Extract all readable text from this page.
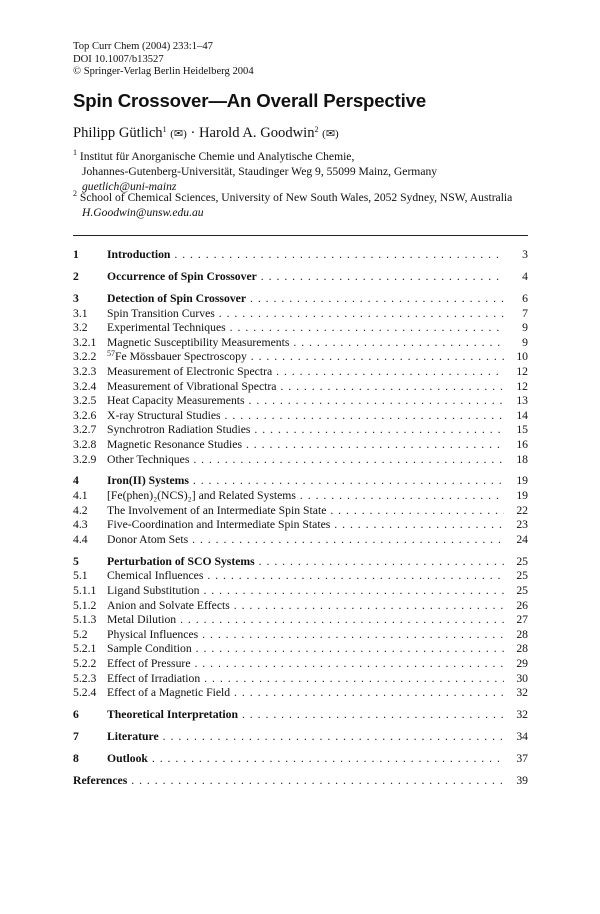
Top Curr Chem (2004) 233:1–47
DOI 10.1007/b13527
© Springer-Verlag Berlin Heidelberg 2004
Spin Crossover—An Overall Perspective
Philipp Gütlich$^1$ (✉) · Harold A. Goodwin$^2$ (✉)
$^1$ Institut für Anorganische Chemie und Analytische Chemie,
Johannes-Gutenberg-Universität, Staudinger Weg 9, 55099 Mainz, Germany
guetlich@uni-mainz
$^2$ School of Chemical Sciences, University of New South Wales, 2052 Sydney, NSW, Australia
H.Goodwin@unsw.edu.au
1 Introduction . . .	3
2 Occurrence of Spin Crossover . . .	4
3 Detection of Spin Crossover . . .	6
3.1 Spin Transition Curves . . .	7
3.2 Experimental Techniques . . .	9
3.2.1 Magnetic Susceptibility Measurements . . .	9
3.2.2 $^{57}$Fe Mössbauer Spectroscopy . . .	10
3.2.3 Measurement of Electronic Spectra . . .	12
3.2.4 Measurement of Vibrational Spectra . . .	12
3.2.5 Heat Capacity Measurements . . .	13
3.2.6 X-ray Structural Studies . . .	14
3.2.7 Synchrotron Radiation Studies . . .	15
3.2.8 Magnetic Resonance Studies . . .	16
3.2.9 Other Techniques . . .	18
4 Iron(II) Systems . . .	19
4.1 [Fe(phen)₂(NCS)₂] and Related Systems . . .	19
4.2 The Involvement of an Intermediate Spin State . . .	22
4.3 Five-Coordination and Intermediate Spin States . . .	23
4.4 Donor Atom Sets . . .	24
5 Perturbation of SCO Systems . . .	25
5.1 Chemical Influences . . .	25
5.1.1 Ligand Substitution . . .	25
5.1.2 Anion and Solvate Effects . . .	26
5.1.3 Metal Dilution . . .	27
5.2 Physical Influences . . .	28
5.2.1 Sample Condition . . .	28
5.2.2 Effect of Pressure . . .	29
5.2.3 Effect of Irradiation . . .	30
5.2.4 Effect of a Magnetic Field . . .	32
6 Theoretical Interpretation . . .	32
7 Literature . . .	34
8 Outlook . . .	37
References . . .	39
